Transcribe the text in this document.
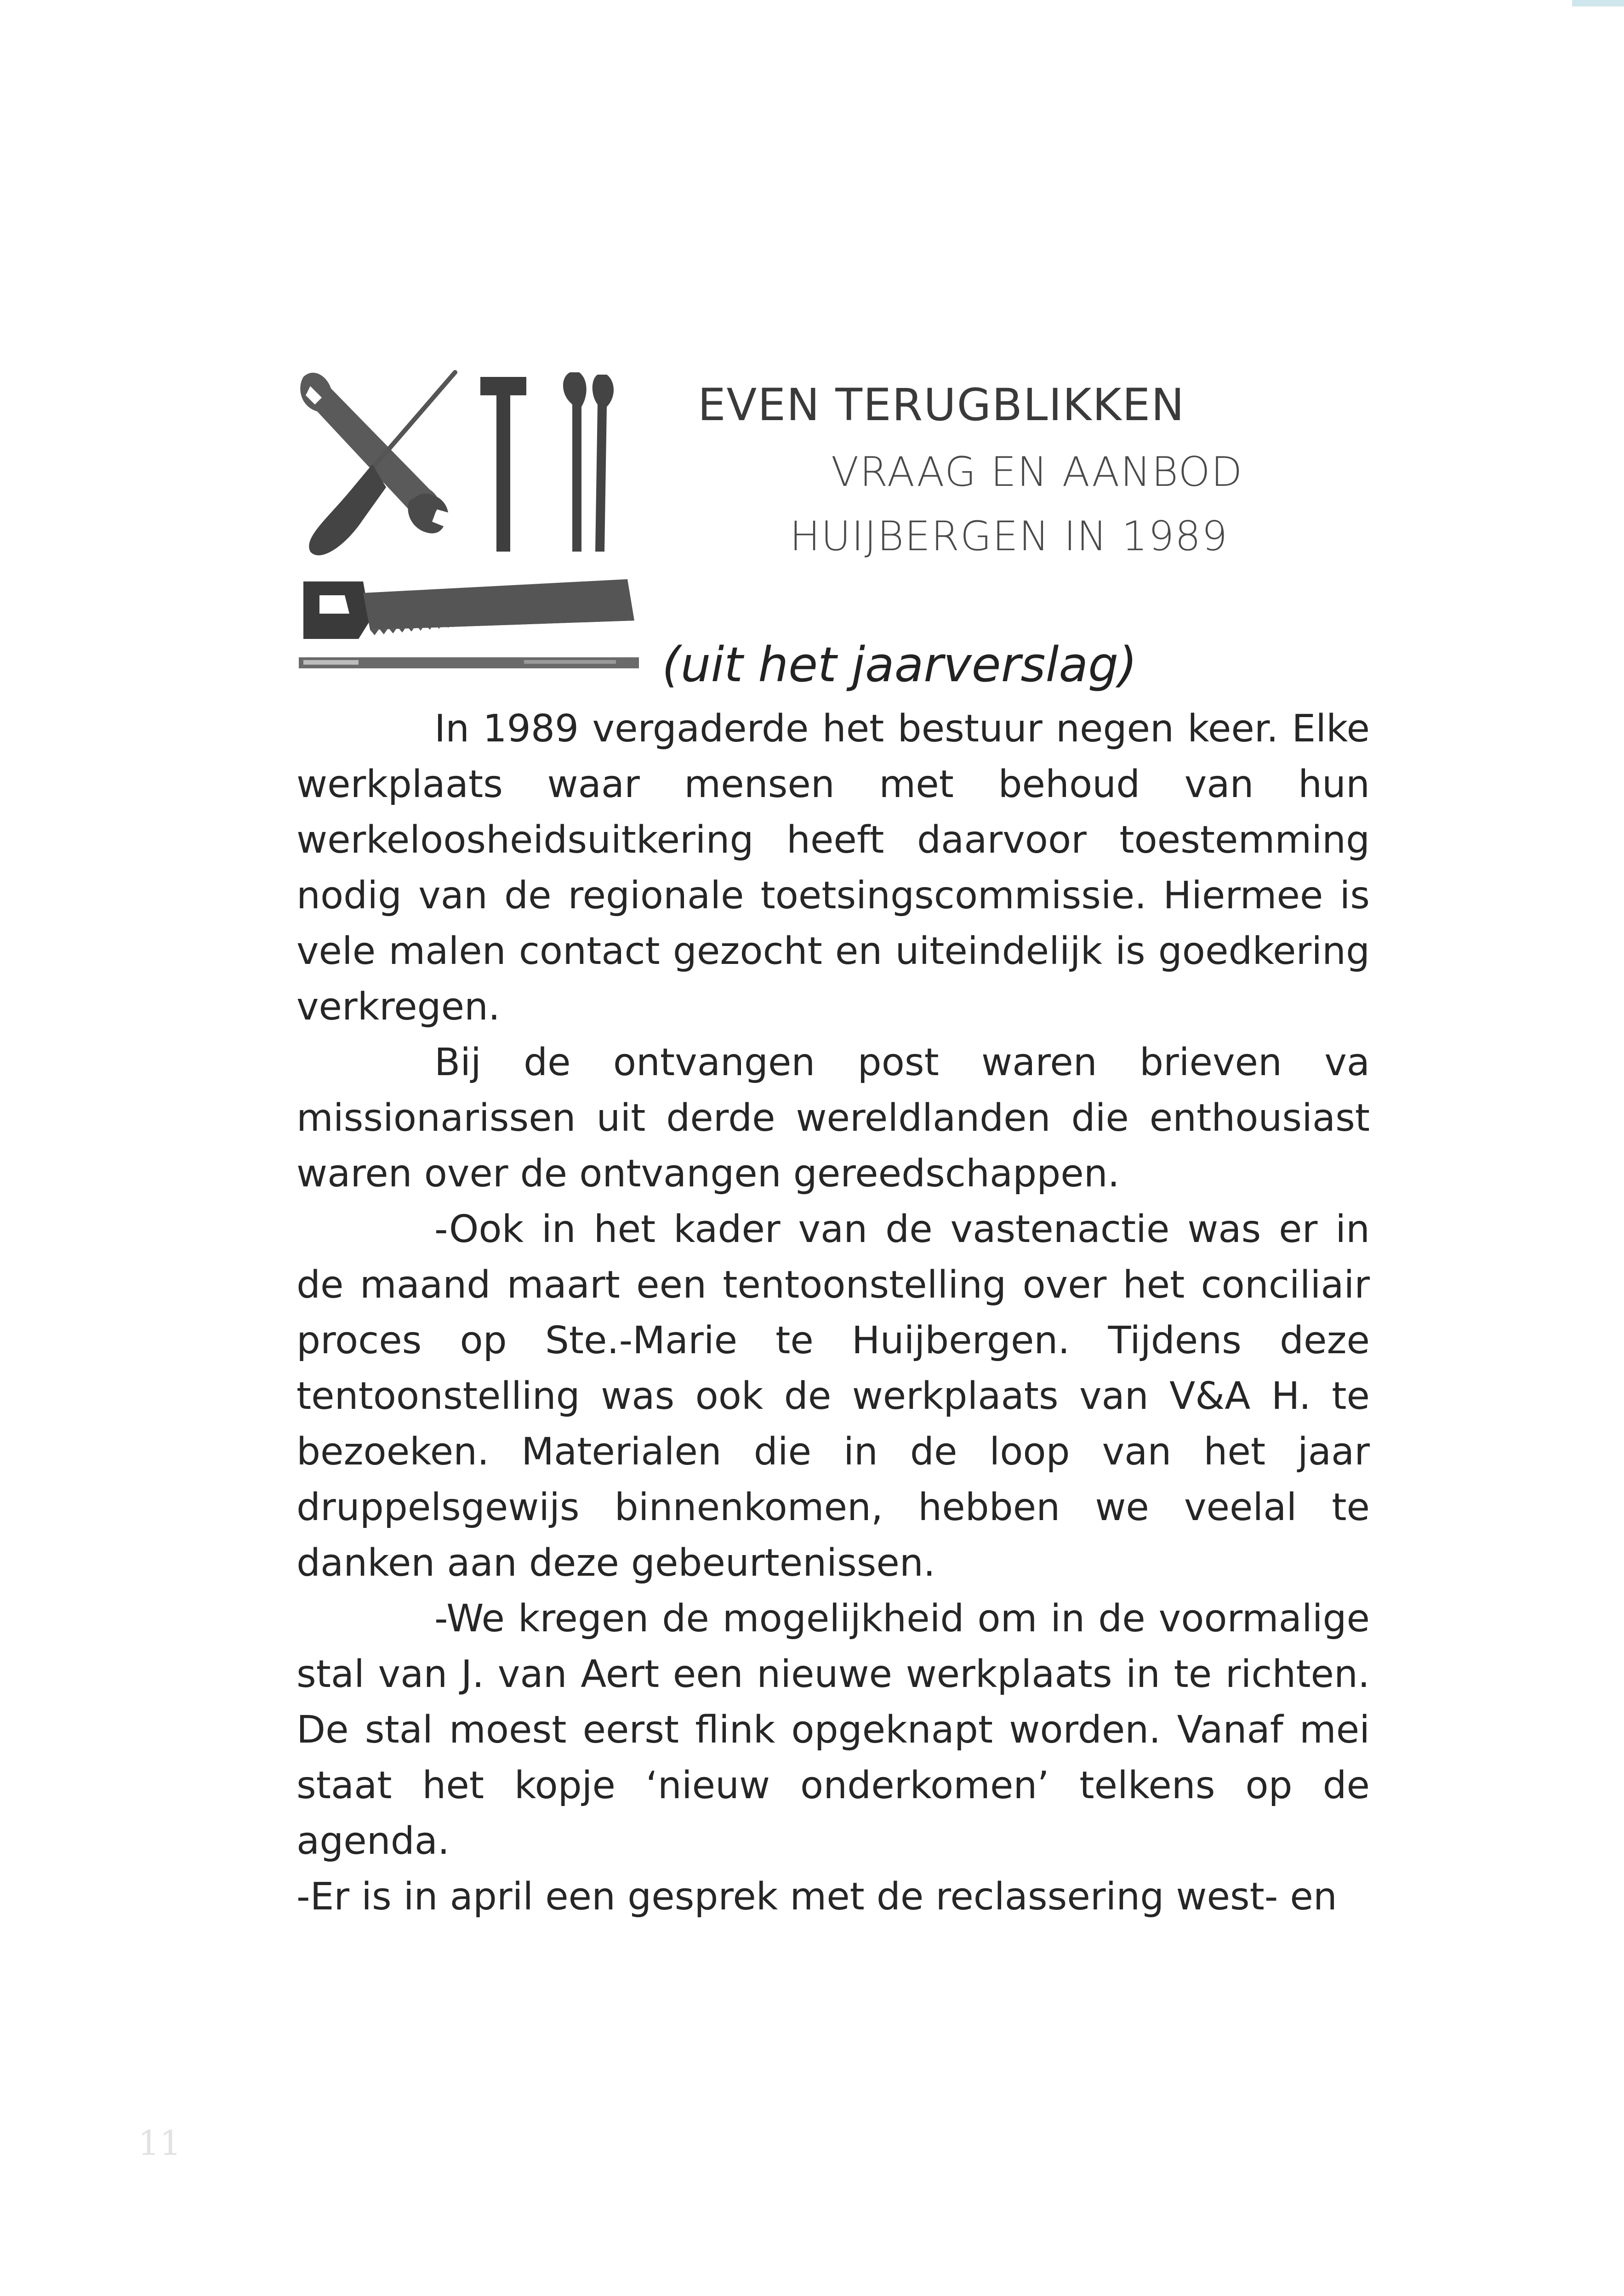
EVEN TERUGBLIKKEN
VRAAG EN AANBOD
HUIJBERGEN IN 1989
(uit het jaarverslag)

In 1989 vergaderde het bestuur negen keer. Elke werkplaats waar mensen met behoud van hun werkeloosheidsuitkering heeft daarvoor toestemming nodig van de regionale toetsingscommissie. Hiermee is vele malen contact gezocht en uiteindelijk is goedkering verkregen.

Bij de ontvangen post waren brieven va missionarissen uit derde wereldlanden die enthousiast waren over de ontvangen gereedschappen.

-Ook in het kader van de vastenactie was er in de maand maart een tentoonstelling over het conciliair proces op Ste.-Marie te Huijbergen. Tijdens deze tentoonstelling was ook de werkplaats van V&A H. te bezoeken. Materialen die in de loop van het jaar druppelsgewijs binnenkomen, hebben we veelal te danken aan deze gebeurtenissen.

-We kregen de mogelijkheid om in de voormalige stal van J. van Aert een nieuwe werkplaats in te richten. De stal moest eerst flink opgeknapt worden. Vanaf mei staat het kopje ‘nieuw onderkomen’ telkens op de agenda.

-Er is in april een gesprek met de reclassering west- en

11
